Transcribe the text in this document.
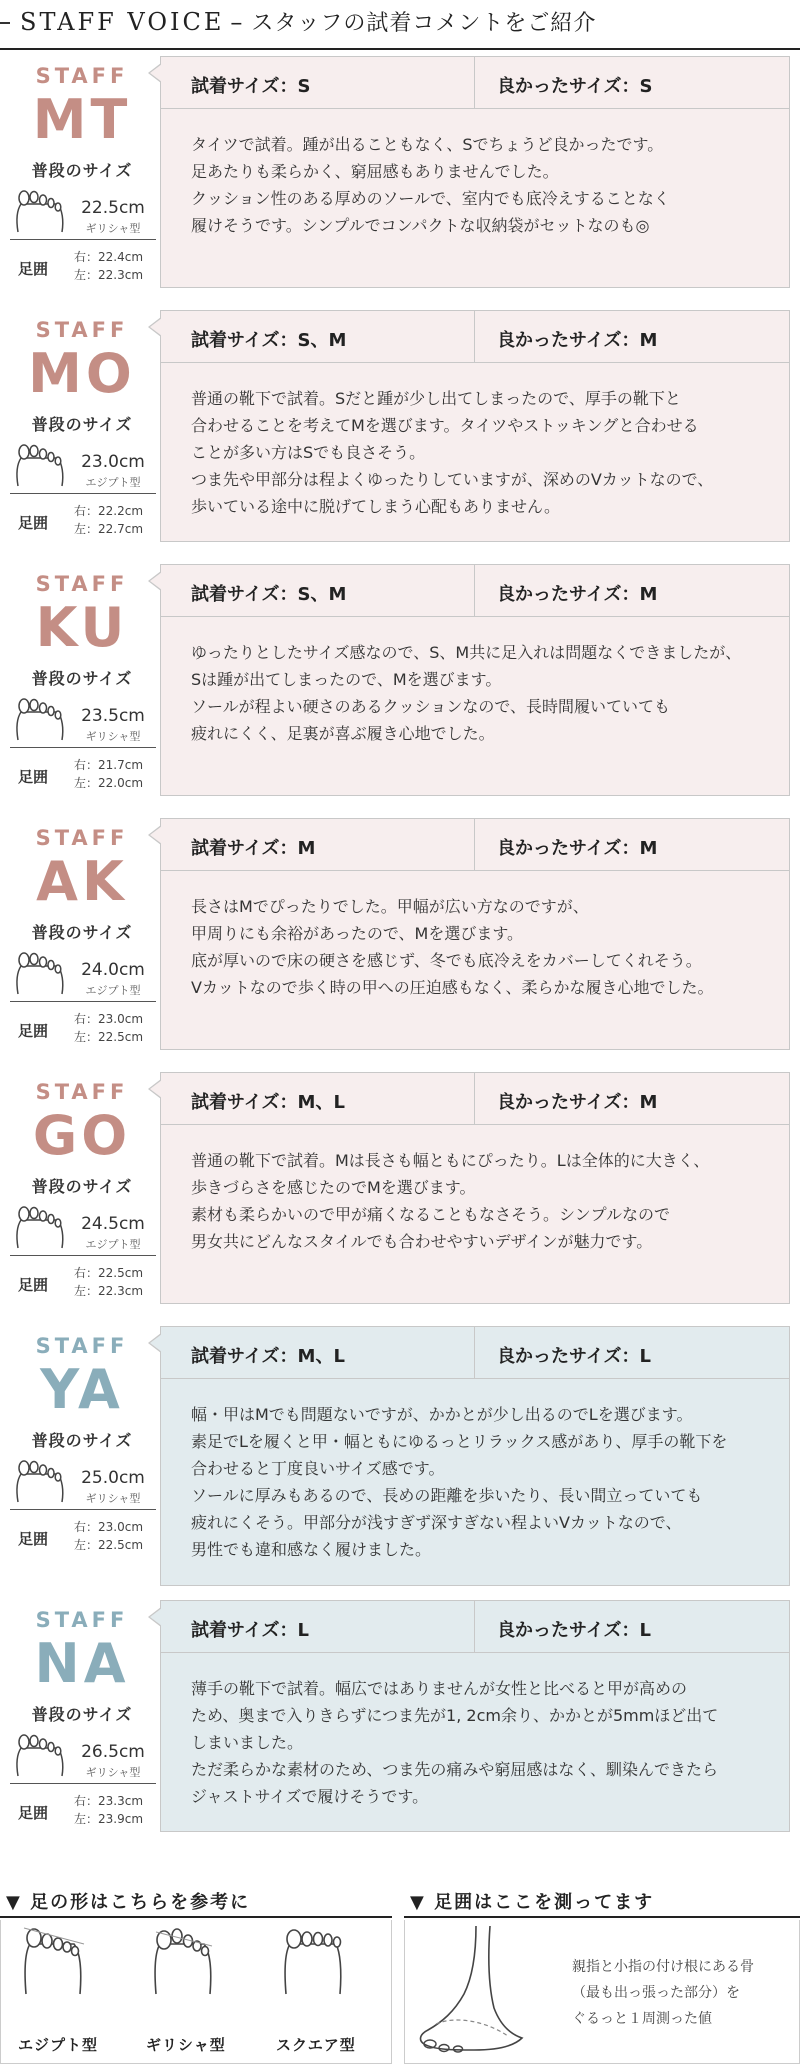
STAFF VOICE – スタッフの試着コメントをご紹介
STAFF
MT
普段のサイズ
22.5cm
ギリシャ型
足囲
右：22.4cm
左：22.3cm
試着サイズ：S	良かったサイズ：S
タイツで試着。踵が出ることもなく、Sでちょうど良かったです。
足あたりも柔らかく、窮屈感もありませんでした。
クッション性のある厚めのソールで、室内でも底冷えすることなく
履けそうです。シンプルでコンパクトな収納袋がセットなのも◎
STAFF
MO
普段のサイズ
23.0cm
エジプト型
足囲
右：22.2cm
左：22.7cm
試着サイズ：S、M	良かったサイズ：M
普通の靴下で試着。Sだと踵が少し出てしまったので、厚手の靴下と
合わせることを考えてMを選びます。タイツやストッキングと合わせる
ことが多い方はSでも良さそう。
つま先や甲部分は程よくゆったりしていますが、深めのVカットなので、
歩いている途中に脱げてしまう心配もありません。
STAFF
KU
普段のサイズ
23.5cm
ギリシャ型
足囲
右：21.7cm
左：22.0cm
試着サイズ：S、M	良かったサイズ：M
ゆったりとしたサイズ感なので、S、M共に足入れは問題なくできましたが、
Sは踵が出てしまったので、Mを選びます。
ソールが程よい硬さのあるクッションなので、長時間履いていても
疲れにくく、足裏が喜ぶ履き心地でした。
STAFF
AK
普段のサイズ
24.0cm
エジプト型
足囲
右：23.0cm
左：22.5cm
試着サイズ：M	良かったサイズ：M
長さはMでぴったりでした。甲幅が広い方なのですが、
甲周りにも余裕があったので、Mを選びます。
底が厚いので床の硬さを感じず、冬でも底冷えをカバーしてくれそう。
Vカットなので歩く時の甲への圧迫感もなく、柔らかな履き心地でした。
STAFF
GO
普段のサイズ
24.5cm
エジプト型
足囲
右：22.5cm
左：22.3cm
試着サイズ：M、L	良かったサイズ：M
普通の靴下で試着。Mは長さも幅ともにぴったり。Lは全体的に大きく、
歩きづらさを感じたのでMを選びます。
素材も柔らかいので甲が痛くなることもなさそう。シンプルなので
男女共にどんなスタイルでも合わせやすいデザインが魅力です。
STAFF
YA
普段のサイズ
25.0cm
ギリシャ型
足囲
右：23.0cm
左：22.5cm
試着サイズ：M、L	良かったサイズ：L
幅・甲はMでも問題ないですが、かかとが少し出るのでLを選びます。
素足でLを履くと甲・幅ともにゆるっとリラックス感があり、厚手の靴下を
合わせると丁度良いサイズ感です。
ソールに厚みもあるので、長めの距離を歩いたり、長い間立っていても
疲れにくそう。甲部分が浅すぎず深すぎない程よいVカットなので、
男性でも違和感なく履けました。
STAFF
NA
普段のサイズ
26.5cm
ギリシャ型
足囲
右：23.3cm
左：23.9cm
試着サイズ：L	良かったサイズ：L
薄手の靴下で試着。幅広ではありませんが女性と比べると甲が高めの
ため、奥まで入りきらずにつま先が1, 2cm余り、かかとが5mmほど出て
しまいました。
ただ柔らかな素材のため、つま先の痛みや窮屈感はなく、馴染んできたら
ジャストサイズで履けそうです。
▼ 足の形はこちらを参考に
エジプト型	ギリシャ型	スクエア型
▼ 足囲はここを測ってます
親指と小指の付け根にある骨
（最も出っ張った部分）を
ぐるっと１周測った値
